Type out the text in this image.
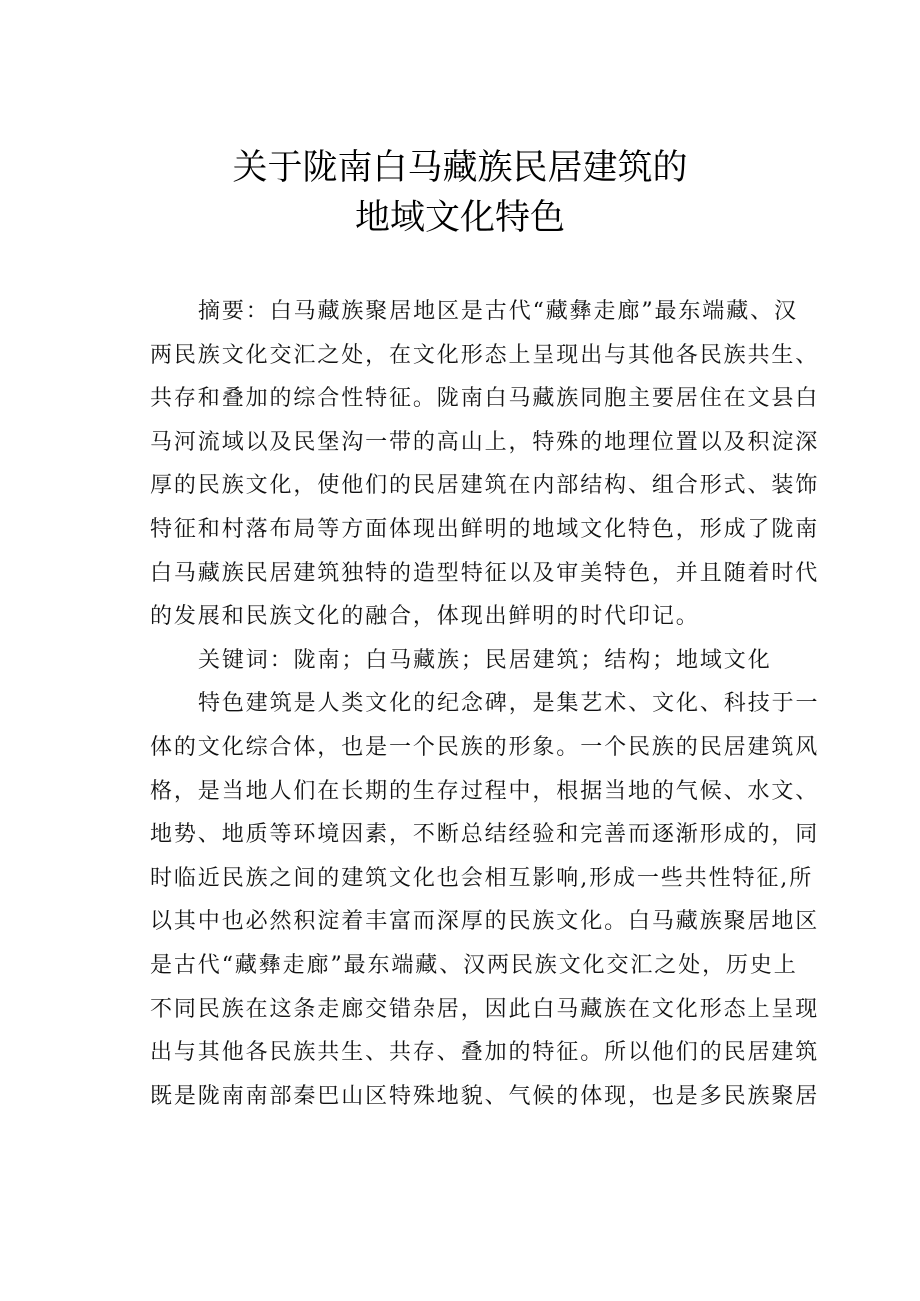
关于陇南白马藏族民居建筑的
地域文化特色
摘要：白马藏族聚居地区是古代“藏彝走廊”最东端藏、汉
两民族文化交汇之处，在文化形态上呈现出与其他各民族共生、
共存和叠加的综合性特征。陇南白马藏族同胞主要居住在文县白
马河流域以及民堡沟一带的高山上，特殊的地理位置以及积淀深
厚的民族文化，使他们的民居建筑在内部结构、组合形式、装饰
特征和村落布局等方面体现出鲜明的地域文化特色，形成了陇南
白马藏族民居建筑独特的造型特征以及审美特色，并且随着时代
的发展和民族文化的融合，体现出鲜明的时代印记。
关键词：陇南；白马藏族；民居建筑；结构；地域文化
特色建筑是人类文化的纪念碑，是集艺术、文化、科技于一
体的文化综合体，也是一个民族的形象。一个民族的民居建筑风
格，是当地人们在长期的生存过程中，根据当地的气候、水文、
地势、地质等环境因素，不断总结经验和完善而逐渐形成的，同
时临近民族之间的建筑文化也会相互影响,形成一些共性特征,所
以其中也必然积淀着丰富而深厚的民族文化。白马藏族聚居地区
是古代“藏彝走廊”最东端藏、汉两民族文化交汇之处，历史上
不同民族在这条走廊交错杂居，因此白马藏族在文化形态上呈现
出与其他各民族共生、共存、叠加的特征。所以他们的民居建筑
既是陇南南部秦巴山区特殊地貌、气候的体现，也是多民族聚居
